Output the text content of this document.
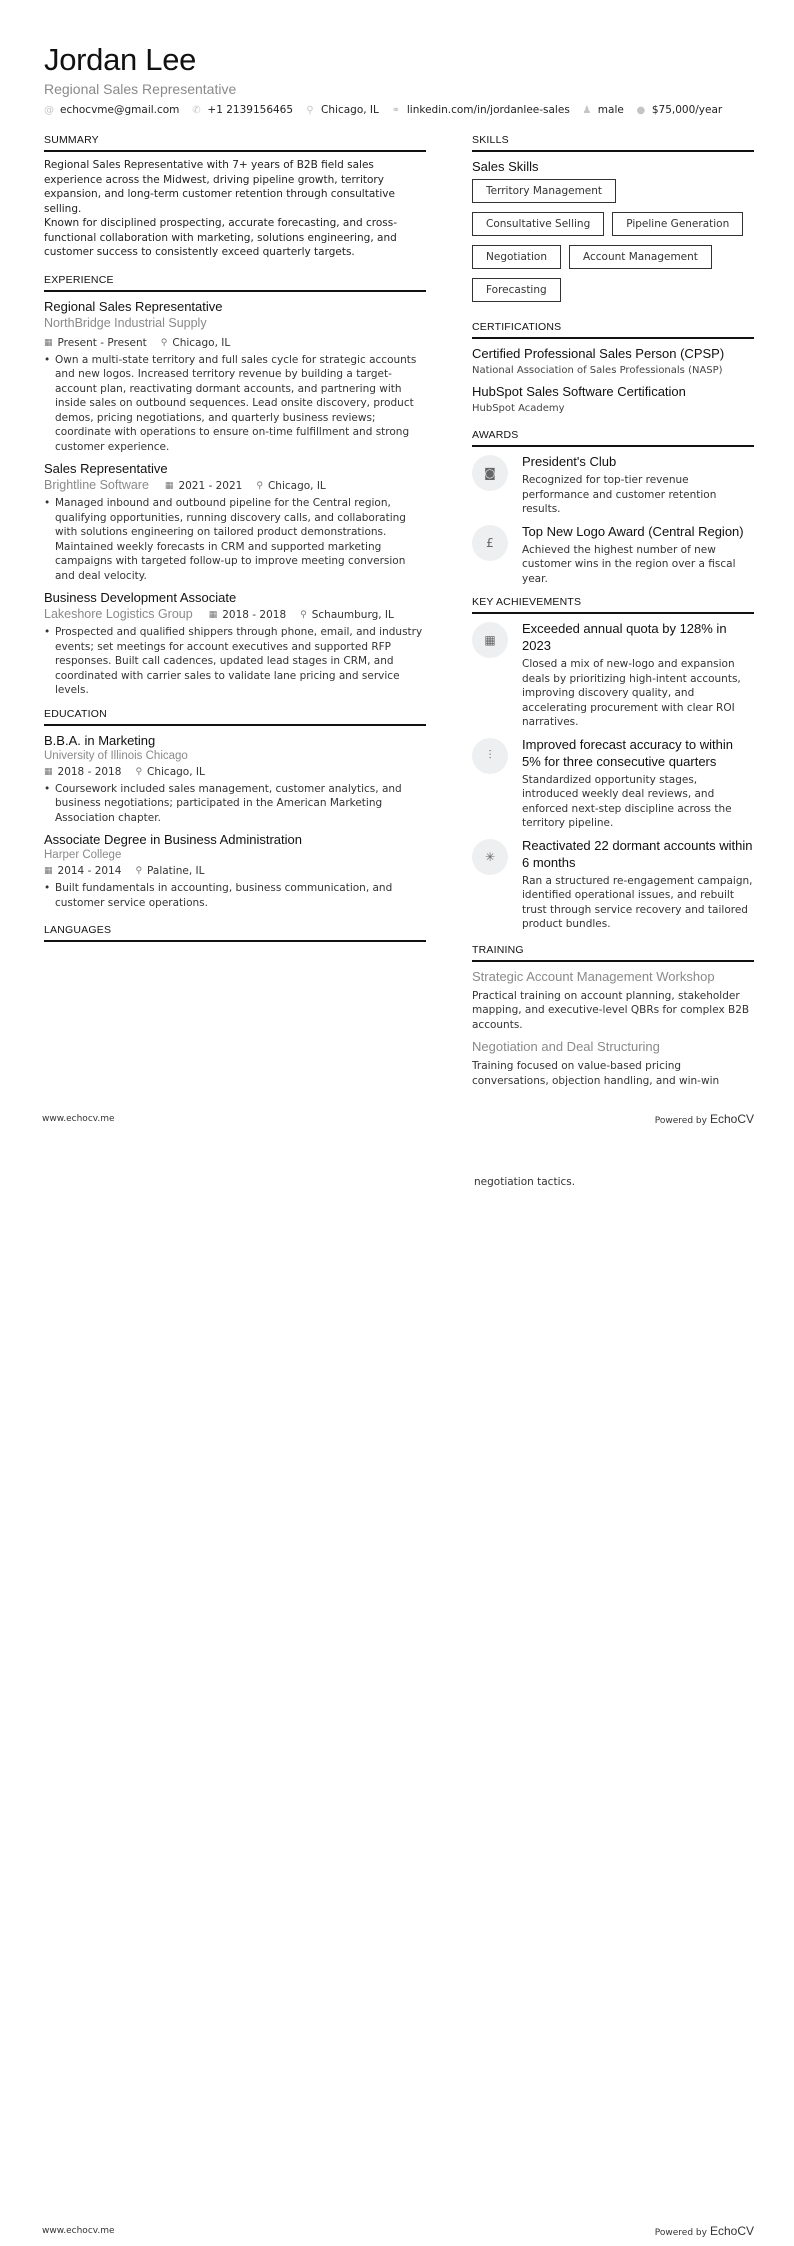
Jordan Lee
Regional Sales Representative
@ echocvme@gmail.com ✆ +1 2139156465 ⚲ Chicago, IL ⚭ linkedin.com/in/jordanlee-sales ♟ male ● $75,000/year
SUMMARY

Regional Sales Representative with 7+ years of B2B field sales experience across the Midwest, driving pipeline growth, territory expansion, and long-term customer retention through consultative selling.

Known for disciplined prospecting, accurate forecasting, and cross-functional collaboration with marketing, solutions engineering, and customer success to consistently exceed quarterly targets.

EXPERIENCE
Regional Sales Representative
NorthBridge Industrial Supply
▦ Present - Present ⚲ Chicago, IL
• Own a multi-state territory and full sales cycle for strategic accounts and new logos. Increased territory revenue by building a target-account plan, reactivating dormant accounts, and partnering with inside sales on outbound sequences. Lead onsite discovery, product demos, pricing negotiations, and quarterly business reviews; coordinate with operations to ensure on-time fulfillment and strong customer experience.
Sales Representative
Brightline Software ▦ 2021 - 2021 ⚲ Chicago, IL
• Managed inbound and outbound pipeline for the Central region, qualifying opportunities, running discovery calls, and collaborating with solutions engineering on tailored product demonstrations. Maintained weekly forecasts in CRM and supported marketing campaigns with targeted follow-up to improve meeting conversion and deal velocity.
Business Development Associate
Lakeshore Logistics Group ▦ 2018 - 2018 ⚲ Schaumburg, IL
• Prospected and qualified shippers through phone, email, and industry events; set meetings for account executives and supported RFP responses. Built call cadences, updated lead stages in CRM, and coordinated with carrier sales to validate lane pricing and service levels.
EDUCATION
B.B.A. in Marketing
University of Illinois Chicago
▦ 2018 - 2018 ⚲ Chicago, IL
• Coursework included sales management, customer analytics, and business negotiations; participated in the American Marketing Association chapter.
Associate Degree in Business Administration
Harper College
▦ 2014 - 2014 ⚲ Palatine, IL
• Built fundamentals in accounting, business communication, and customer service operations.
LANGUAGES
SKILLS
Sales Skills
Territory Management
Consultative Selling	Pipeline Generation
Negotiation	Account Management
Forecasting
CERTIFICATIONS
Certified Professional Sales Person (CPSP)
National Association of Sales Professionals (NASP)
HubSpot Sales Software Certification
HubSpot Academy
AWARDS
◙
President's Club
Recognized for top-tier revenue performance and customer retention results.
£
Top New Logo Award (Central Region)
Achieved the highest number of new customer wins in the region over a fiscal year.
KEY ACHIEVEMENTS
▦
Exceeded annual quota by 128% in 2023
Closed a mix of new-logo and expansion deals by prioritizing high-intent accounts, improving discovery quality, and accelerating procurement with clear ROI narratives.
⫶
Improved forecast accuracy to within 5% for three consecutive quarters
Standardized opportunity stages, introduced weekly deal reviews, and enforced next-step discipline across the territory pipeline.
✳
Reactivated 22 dormant accounts within 6 months
Ran a structured re-engagement campaign, identified operational issues, and rebuilt trust through service recovery and tailored product bundles.
TRAINING
Strategic Account Management Workshop
Practical training on account planning, stakeholder mapping, and executive-level QBRs for complex B2B accounts.
Negotiation and Deal Structuring
Training focused on value-based pricing conversations, objection handling, and win-win
www.echocv.me	Powered by EchoCV
negotiation tactics.
www.echocv.me	Powered by EchoCV
